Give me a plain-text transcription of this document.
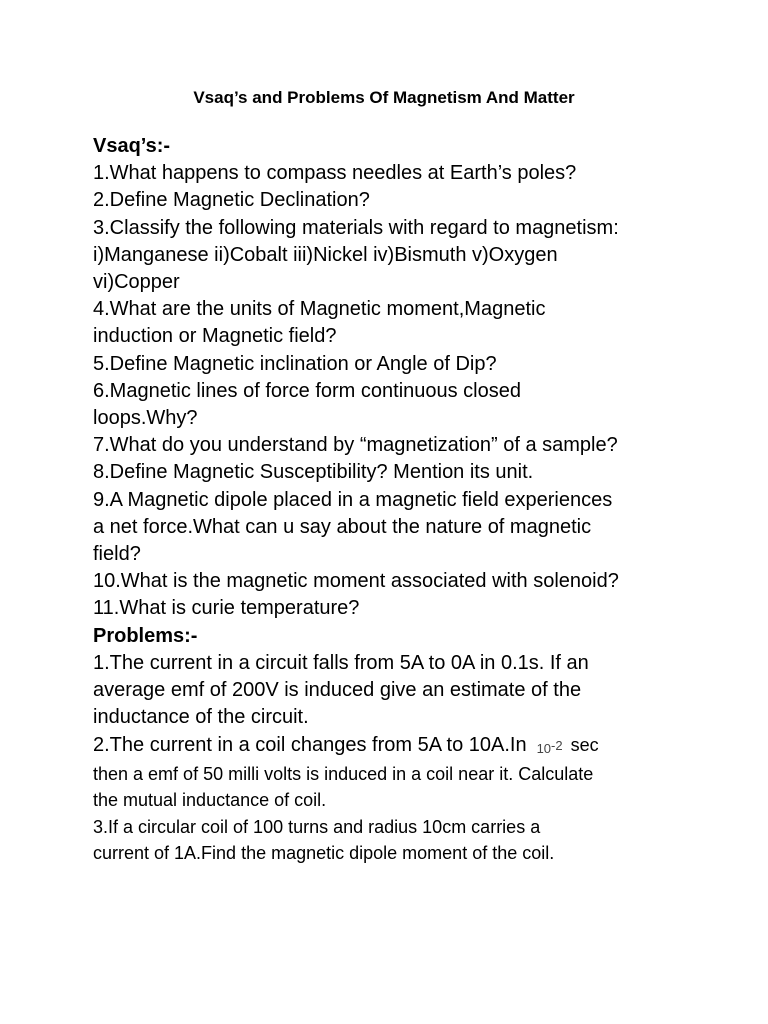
Vsaq’s and Problems Of Magnetism And Matter

Vsaq’s:-

1.What happens to compass needles at Earth’s poles?

2.Define Magnetic Declination?

3.Classify the following materials with regard to magnetism:

i)Manganese ii)Cobalt iii)Nickel iv)Bismuth v)Oxygen

vi)Copper

4.What are the units of Magnetic moment,Magnetic

induction or Magnetic field?

5.Define Magnetic inclination or Angle of Dip?

6.Magnetic lines of force form continuous closed

loops.Why?

7.What do you understand by “magnetization” of a sample?

8.Define Magnetic Susceptibility? Mention its unit.

9.A Magnetic dipole placed in a magnetic field experiences

a net force.What can u say about the nature of magnetic

field?

10.What is the magnetic moment associated with solenoid?

11.What is curie temperature?

Problems:-

1.The current in a circuit falls from 5A to 0A in 0.1s. If an

average emf of 200V is induced give an estimate of the

inductance of the circuit.

2.The current in a coil changes from 5A to 10A.In $10^{-2}$ sec

then a emf of 50 milli volts is induced in a coil near it. Calculate

the mutual inductance of coil.

3.If a circular coil of 100 turns and radius 10cm carries a

current of 1A.Find the magnetic dipole moment of the coil.
